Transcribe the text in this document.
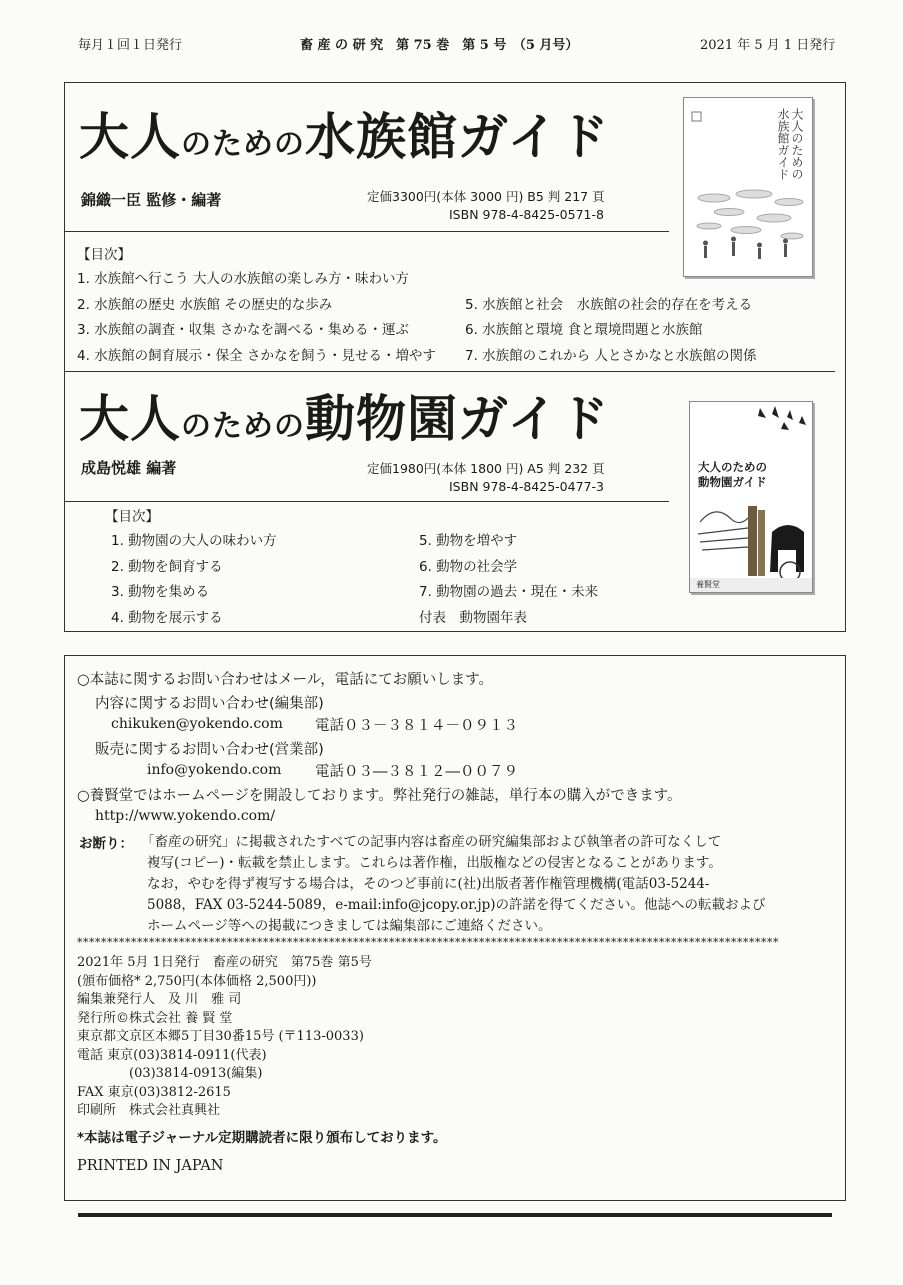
毎月１回１日発行	畜 産 の 研 究　第 75 巻　第 5 号　（5 月号）	2021 年 5 月 1 日発行
大人のための水族館ガイド
錦織一臣 監修・編著	定価3300円(本体 3000 円) B5 判 217 頁
ISBN 978-4-8425-0571-8
【目次】
1. 水族館へ行こう 大人の水族館の楽しみ方・味わい方
2. 水族館の歴史 水族館 その歴史的な歩み
3. 水族館の調査・収集 さかなを調べる・集める・運ぶ
4. 水族館の飼育展示・保全 さかなを飼う・見せる・増やす
5. 水族館と社会　水族館の社会的存在を考える
6. 水族館と環境 食と環境問題と水族館
7. 水族館のこれから 人とさかなと水族館の関係
大人のための水族館ガイド
大人のための動物園ガイド
成島悦雄 編著	定価1980円(本体 1800 円) A5 判 232 頁
ISBN 978-4-8425-0477-3
【目次】
1. 動物園の大人の味わい方
2. 動物を飼育する
3. 動物を集める
4. 動物を展示する
5. 動物を増やす
6. 動物の社会学
7. 動物園の過去・現在・未来
付表　動物園年表
大人のための
動物園ガイド
養賢堂
○本誌に関するお問い合わせはメール，電話にてお願いします。
内容に関するお問い合わせ(編集部)
chikuken@yokendo.com 電話０３－３８１４－０９１３
販売に関するお問い合わせ(営業部)
info@yokendo.com 電話０３―３８１２―００７９
○養賢堂ではホームページを開設しております。弊社発行の雑誌，単行本の購入ができます。
http://www.yokendo.com/
お断り： 「畜産の研究」に掲載されたすべての記事内容は畜産の研究編集部および執筆者の許可なくして
複写(コピー)・転載を禁止します。これらは著作権，出版権などの侵害となることがあります。
なお，やむを得ず複写する場合は，そのつど事前に(社)出版者著作権管理機構(電話03-5244-
5088，FAX 03-5244-5089，e-mail:info@jcopy.or.jp)の許諾を得てください。他誌への転載および
ホームページ等への掲載につきましては編集部にご連絡ください。
*********************************************************************************************************************
2021年 5月 1日発行　畜産の研究　第75巻 第5号
(頒布価格* 2,750円(本体価格 2,500円))
編集兼発行人　及 川　雅 司
発行所©株式会社 養 賢 堂
東京都文京区本郷5丁目30番15号 (〒113-0033)
電話 東京(03)3814-0911(代表)
　　　　(03)3814-0913(編集)
FAX 東京(03)3812-2615
印刷所　株式会社真興社
*本誌は電子ジャーナル定期購読者に限り頒布しております。
PRINTED IN JAPAN
